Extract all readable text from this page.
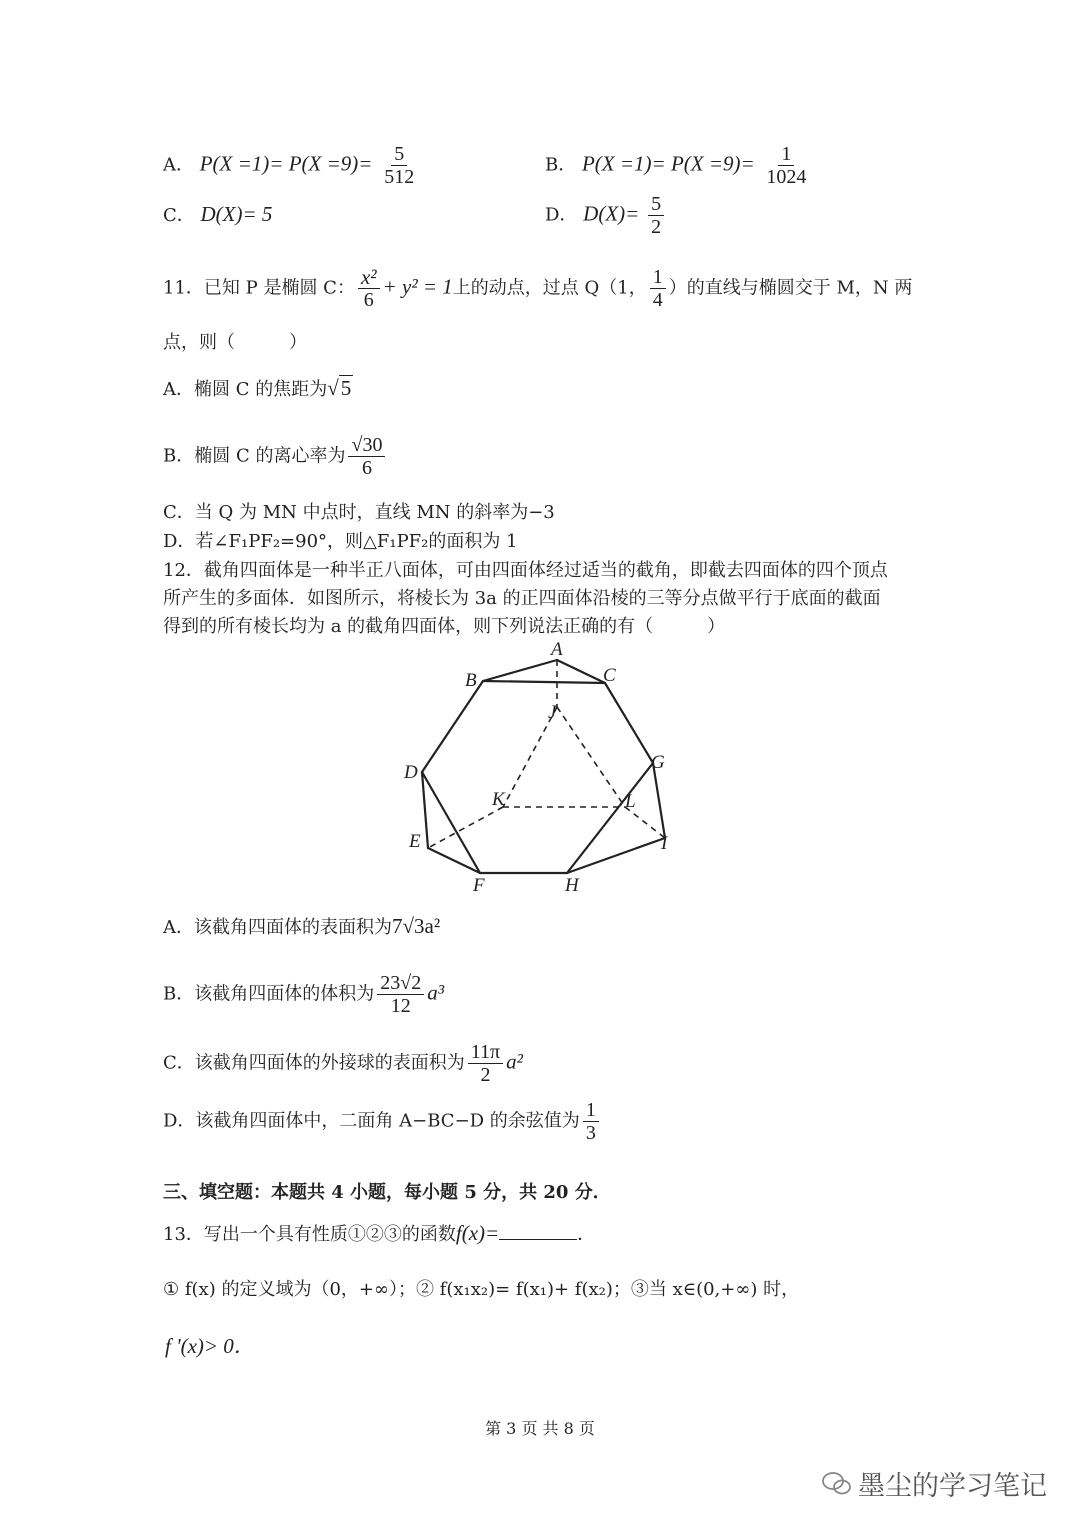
A． $P(X =1)= P(X =9)= \frac{5}{512}$	B． $P(X =1)= P(X =9)= \frac{1}{1024}$
C． D(X)= 5	D． $D(X)= \frac{5}{2}$
11．已知 P 是椭圆 C： $\frac{\text{x²}}{6} + y^2 = 1$上的动点，过点 Q（1， $\frac{1}{4}$ ）的直线与椭圆交于 M，N 两
点，则（　　　）
A．椭圆 C 的焦距为√5
B．椭圆 C 的离心率为 $\frac{√30}{6}$
C．当 Q 为 MN 中点时，直线 MN 的斜率为−3
D．若∠F₁PF₂=90°，则△F₁PF₂的面积为 1
12．截角四面体是一种半正八面体，可由四面体经过适当的截角，即截去四面体的四个顶点
所产生的多面体．如图所示，将棱长为 3a 的正四面体沿棱的三等分点做平行于底面的截面
得到的所有棱长均为 a 的截角四面体，则下列说法正确的有（　　　）
A
B	C
J
D	G
K	L
E	I
F	H
A．该截角四面体的表面积为7√3a²
B．该截角四面体的体积为 $\frac{23√2}{12} a^3$
C．该截角四面体的外接球的表面积为 $\frac{11\pi}{2} a^2$
D．该截角四面体中，二面角 A−BC−D 的余弦值为 $\frac{1}{3}$
三、填空题：本题共 4 小题，每小题 5 分，共 20 分．
13．写出一个具有性质①②③的函数f(x)=	．
① f(x) 的定义域为（0，+∞）；② f(x₁x₂)= f(x₁)+ f(x₂)；③当 x∈(0,+∞) 时，
f '(x)> 0．
第 3 页 共 8 页
墨尘的学习笔记
